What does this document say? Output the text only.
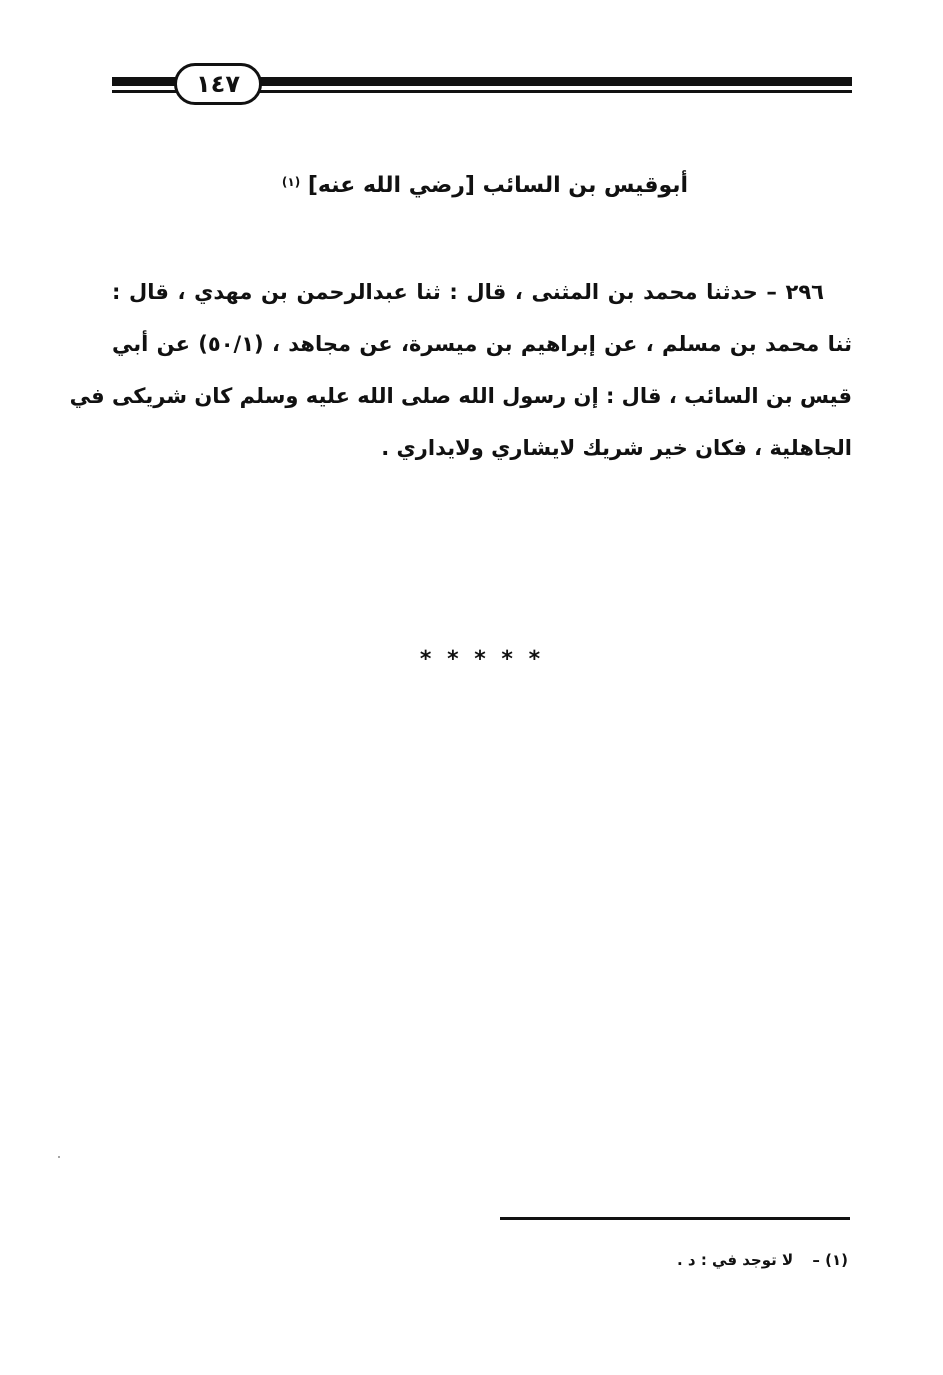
١٤٧
أبوقيس بن السائب [رضي الله عنه] $^{(١)}$
٢٩٦ – حدثنا محمد بن المثنى ، قال : ثنا عبدالرحمن بن مهدي ، قال :
ثنا محمد بن مسلم ، عن إبراهيم بن ميسرة، عن مجاهد ، (٥٠/١) عن أبي
قيس بن السائب ، قال : إن رسول الله صلى الله عليه وسلم كان شريكى في
الجاهلية ، فكان خير شريك لايشاري ولايداري .
* * * * *
(١) – لا توجد في : د .
